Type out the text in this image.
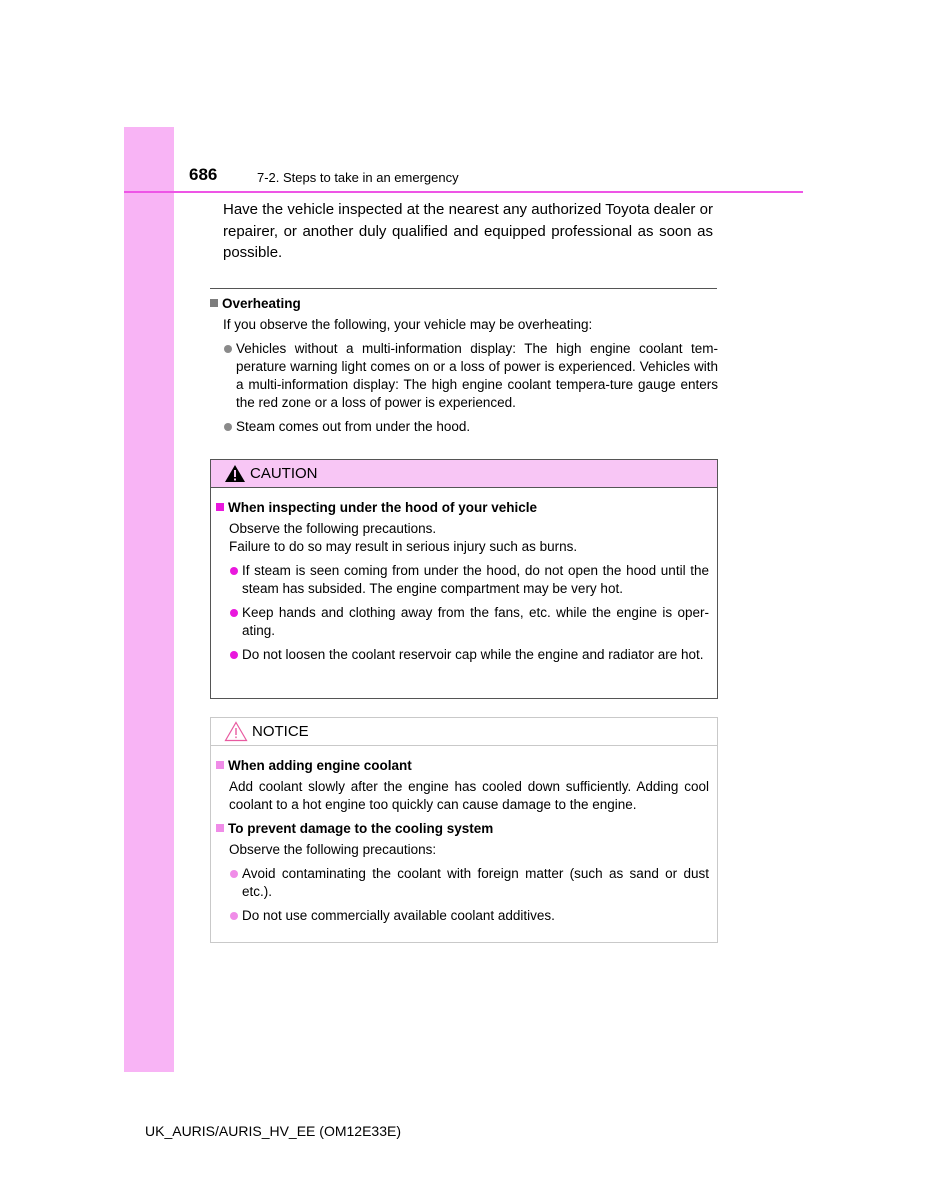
686	7-2. Steps to take in an emergency
Have the vehicle inspected at the nearest any authorized Toyota dealer or repairer, or another duly qualified and equipped professional as soon as possible.
Overheating
If you observe the following, your vehicle may be overheating:
Vehicles without a multi-information display: The high engine coolant tem-perature warning light comes on or a loss of power is experienced. Vehicles with a multi-information display: The high engine coolant tempera-ture gauge enters the red zone or a loss of power is experienced.
Steam comes out from under the hood.
CAUTION
When inspecting under the hood of your vehicle
Observe the following precautions.
Failure to do so may result in serious injury such as burns.
If steam is seen coming from under the hood, do not open the hood until the steam has subsided. The engine compartment may be very hot.
Keep hands and clothing away from the fans, etc. while the engine is oper-ating.
Do not loosen the coolant reservoir cap while the engine and radiator are hot.
NOTICE
When adding engine coolant
Add coolant slowly after the engine has cooled down sufficiently. Adding cool coolant to a hot engine too quickly can cause damage to the engine.
To prevent damage to the cooling system
Observe the following precautions:
Avoid contaminating the coolant with foreign matter (such as sand or dust etc.).
Do not use commercially available coolant additives.
UK_AURIS/AURIS_HV_EE (OM12E33E)
